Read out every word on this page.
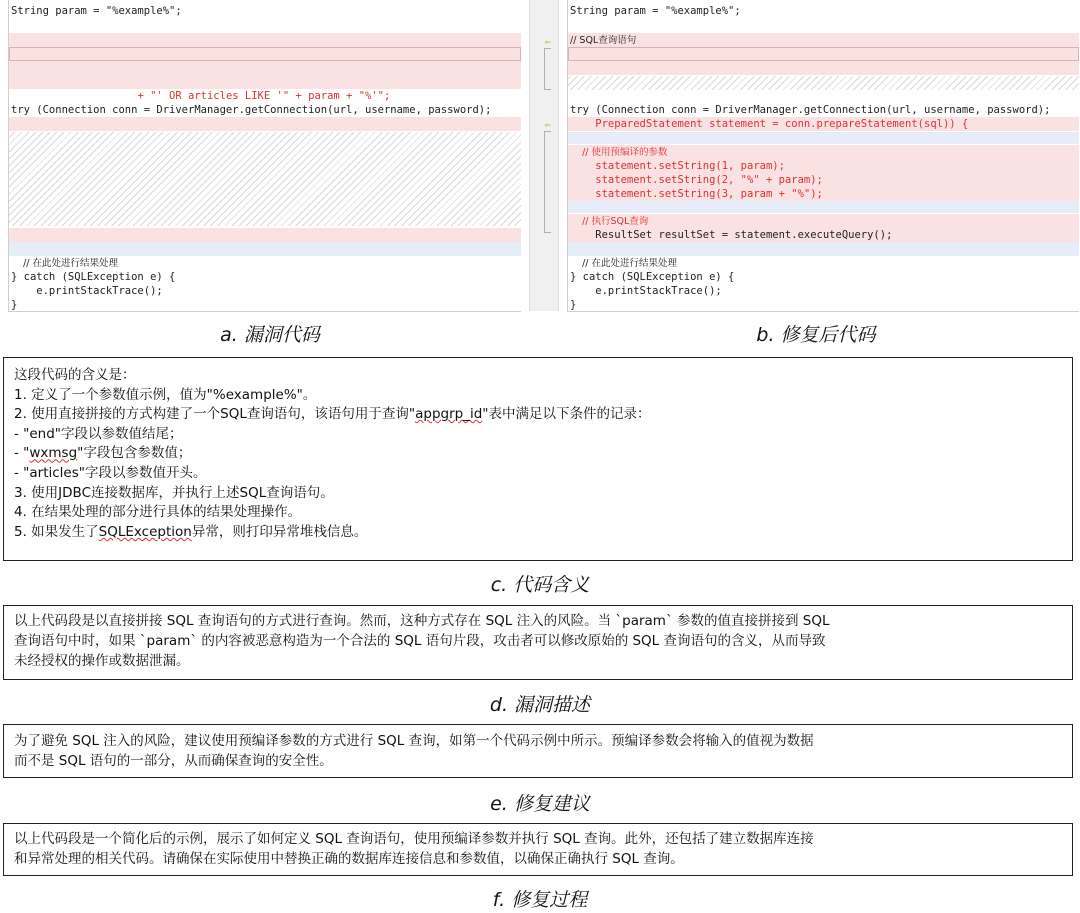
String param = "%example%";

+ "' OR articles LIKE '" + param + "%'";

try (Connection conn = DriverManager.getConnection(url, username, password);

// 在此处进行结果处理
} catch (SQLException e) {
e.printStackTrace();
}
⇦
⇦
String param = "%example%";
// SQL查询语句

try (Connection conn = DriverManager.getConnection(url, username, password);
PreparedStatement statement = conn.prepareStatement(sql)) {
// 使用预编译的参数
statement.setString(1, param);
statement.setString(2, "%" + param);
statement.setString(3, param + "%");
// 执行SQL查询
ResultSet resultSet = statement.executeQuery();
// 在此处进行结果处理
} catch (SQLException e) {
e.printStackTrace();
}
a. 漏洞代码	b. 修复后代码

这段代码的含义是：

1. 定义了一个参数值示例，值为"%example%"。

2. 使用直接拼接的方式构建了一个SQL查询语句，该语句用于查询"appgrp_id"表中满足以下条件的记录：

- "end"字段以参数值结尾；

- "wxmsg"字段包含参数值；

- "articles"字段以参数值开头。

3. 使用JDBC连接数据库，并执行上述SQL查询语句。

4. 在结果处理的部分进行具体的结果处理操作。

5. 如果发生了SQLException异常，则打印异常堆栈信息。

c. 代码含义

以上代码段是以直接拼接 SQL 查询语句的方式进行查询。然而，这种方式存在 SQL 注入的风险。当 `param` 参数的值直接拼接到 SQL

查询语句中时，如果 `param` 的内容被恶意构造为一个合法的 SQL 语句片段，攻击者可以修改原始的 SQL 查询语句的含义，从而导致

未经授权的操作或数据泄漏。

d. 漏洞描述

为了避免 SQL 注入的风险，建议使用预编译参数的方式进行 SQL 查询，如第一个代码示例中所示。预编译参数会将输入的值视为数据

而不是 SQL 语句的一部分，从而确保查询的安全性。

e. 修复建议

以上代码段是一个简化后的示例，展示了如何定义 SQL 查询语句，使用预编译参数并执行 SQL 查询。此外，还包括了建立数据库连接

和异常处理的相关代码。请确保在实际使用中替换正确的数据库连接信息和参数值，以确保正确执行 SQL 查询。

f. 修复过程
